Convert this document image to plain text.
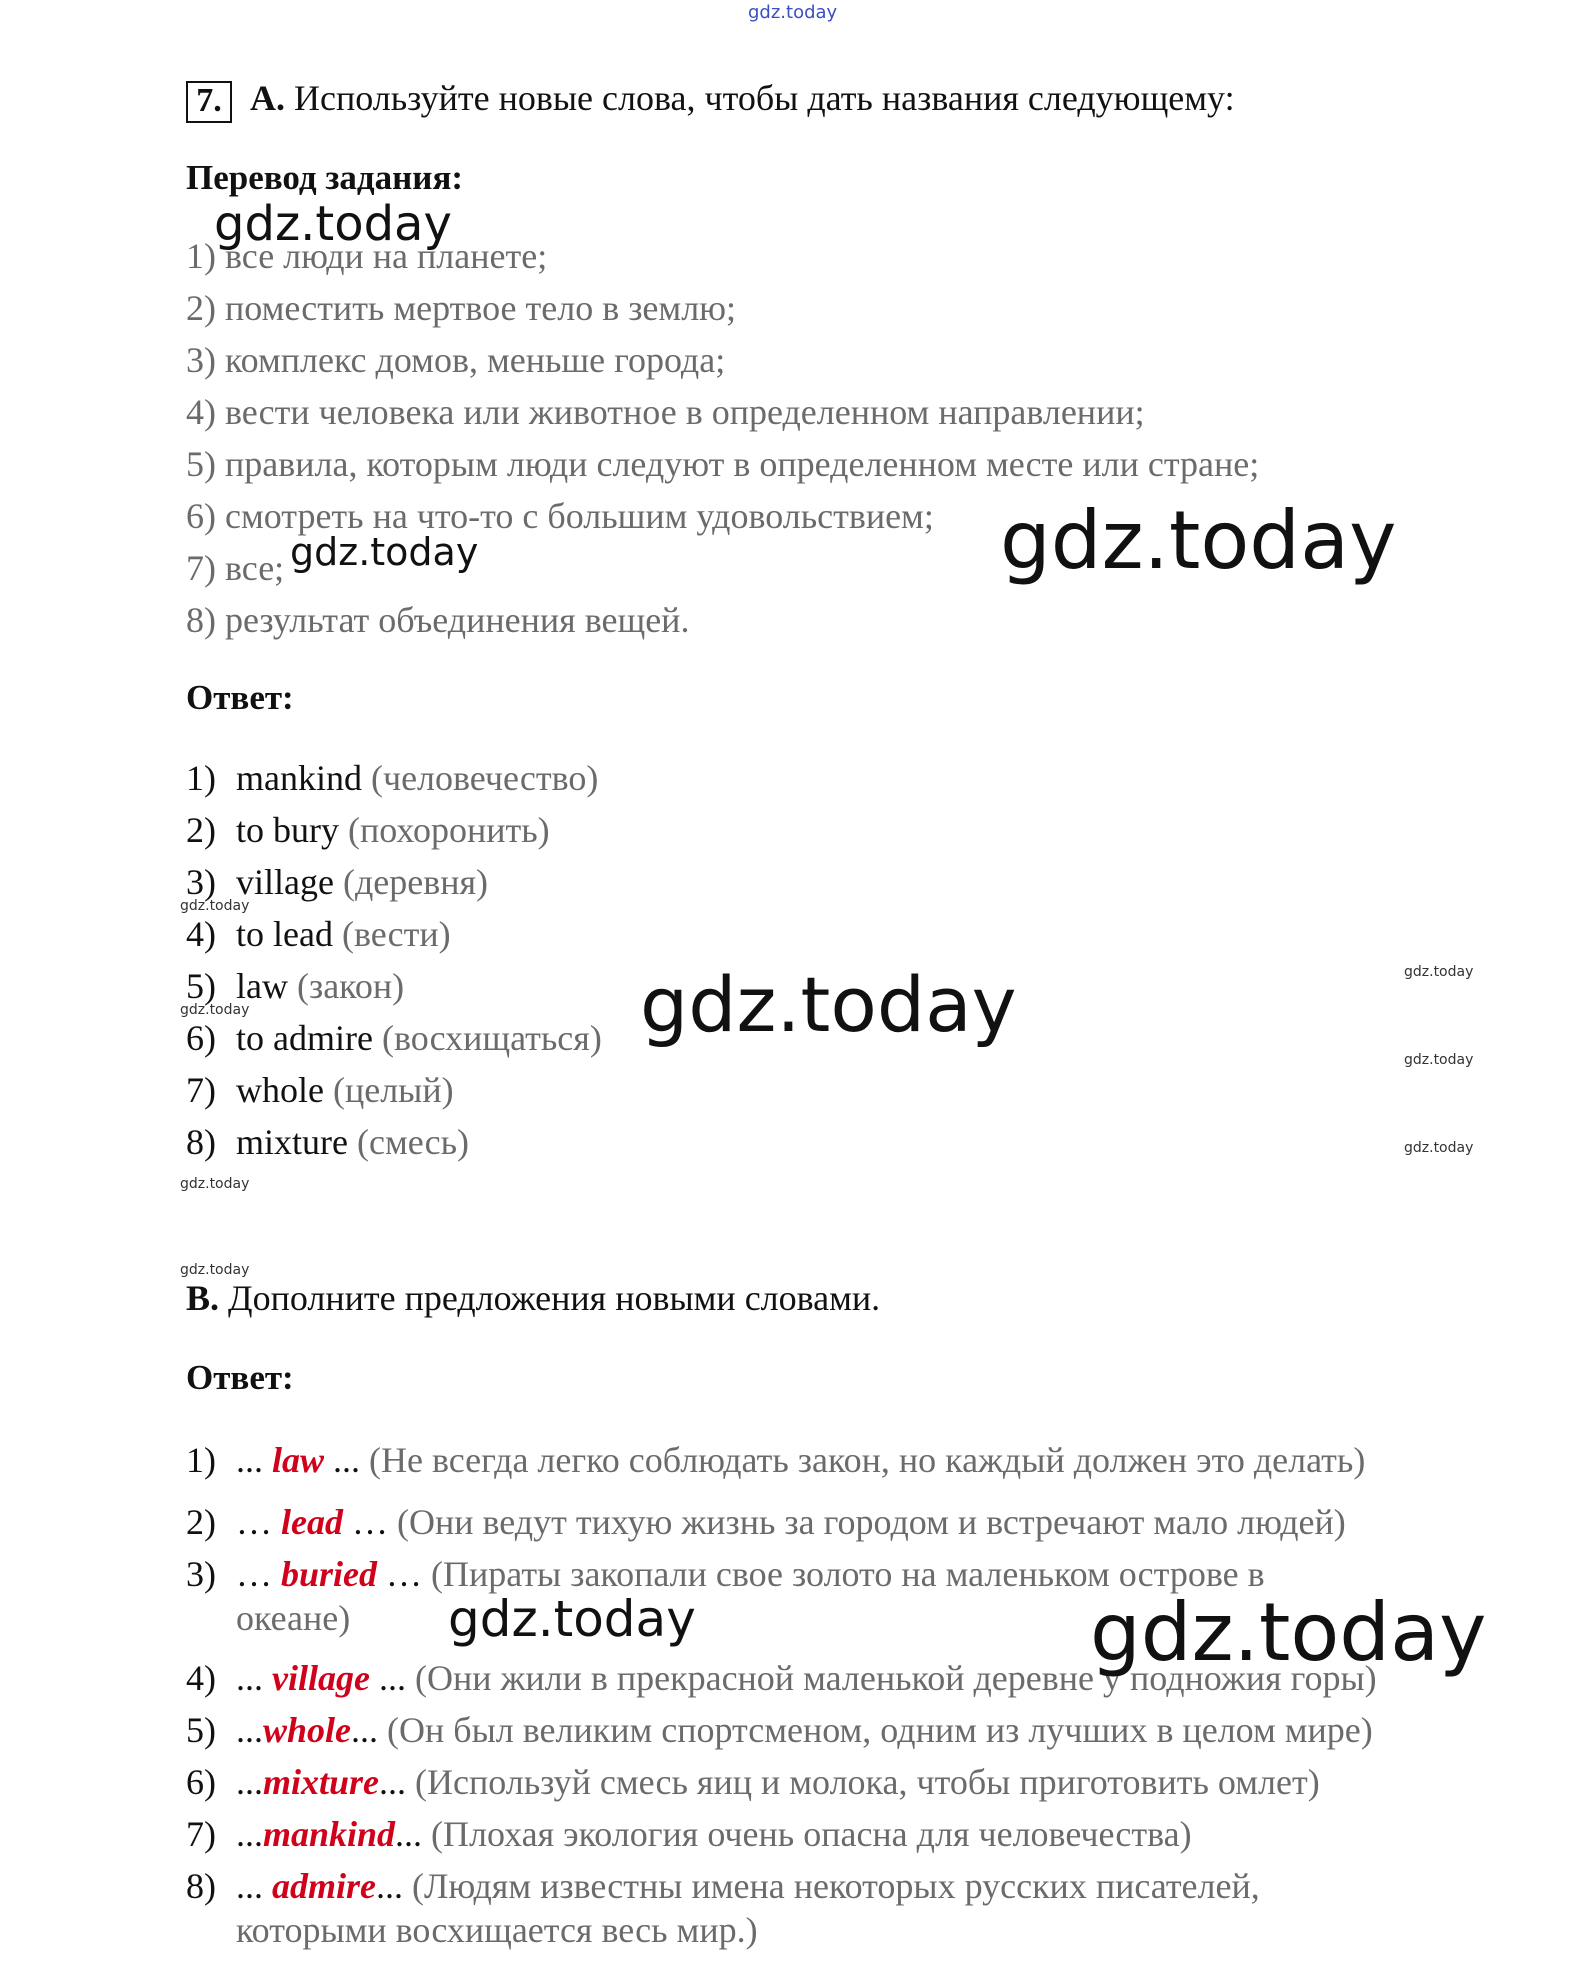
gdz.today
7. A. Используйте новые слова, чтобы дать названия следующему:
Перевод задания:
1) все люди на планете;
2) поместить мертвое тело в землю;
3) комплекс домов, меньше города;
4) вести человека или животное в определенном направлении;
5) правила, которым люди следуют в определенном месте или стране;
6) смотреть на что-то с большим удовольствием;
7) все;
8) результат объединения вещей.
Ответ:
1) mankind
(человечество)
2) to bury
(похоронить)
3) village
(деревня)
4) to lead
(вести)
5) law
(закон)
6) to admire
(восхищаться)
7) whole
(целый)
8) mixture
(смесь)
B. Дополните предложения новыми словами.
Ответ:
1) ... law ... (Не всегда легко соблюдать закон, но каждый должен это делать)
2) … lead … (Они ведут тихую жизнь за городом и встречают мало людей)
3) … buried … (Пираты закопали свое золото на маленьком острове в
океане)
4) ... village ... (Они жили в прекрасной маленькой деревне у подножия горы)
5) ...whole... (Он был великим спортсменом, одним из лучших в целом мире)
6) ...mixture... (Используй смесь яиц и молока, чтобы приготовить омлет)
7) ...mankind... (Плохая экология очень опасна для человечества)
8) ... admire... (Людям известны имена некоторых русских писателей,
которыми восхищается весь мир.)
gdz.today
gdz.today
gdz.today
gdz.today
gdz.today	gdz.today
gdz.today
gdz.today
gdz.today
gdz.today
gdz.today
gdz.today
gdz.today
